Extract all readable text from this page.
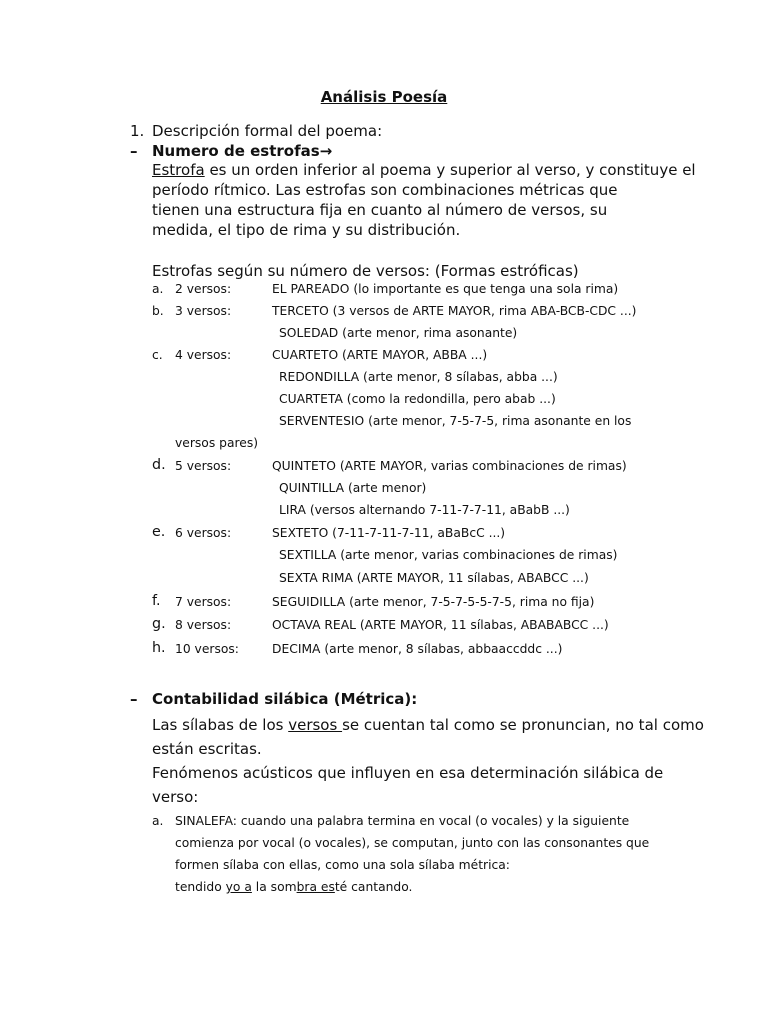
Análisis Poesía
1. Descripción formal del poema:
– Numero de estrofas→
Estrofa es un orden inferior al poema y superior al verso, y constituye el
período rítmico. Las estrofas son combinaciones métricas que
tienen una estructura fija en cuanto al número de versos, su
medida, el tipo de rima y su distribución.
Estrofas según su número de versos: (Formas estróficas)
a. 2 versos:	EL PAREADO (lo importante es que tenga una sola rima)
b. 3 versos:	TERCETO (3 versos de ARTE MAYOR, rima ABA-BCB-CDC ...)
SOLEDAD (arte menor, rima asonante)
c. 4 versos:	CUARTETO (ARTE MAYOR, ABBA ...)
REDONDILLA (arte menor, 8 sílabas, abba ...)
CUARTETA (como la redondilla, pero abab ...)
SERVENTESIO (arte menor, 7-5-7-5, rima asonante en los
versos pares)
d. 5 versos:	QUINTETO (ARTE MAYOR, varias combinaciones de rimas)
QUINTILLA (arte menor)
LIRA (versos alternando 7-11-7-7-11, aBabB ...)
e. 6 versos:	SEXTETO (7-11-7-11-7-11, aBaBcC ...)
SEXTILLA (arte menor, varias combinaciones de rimas)
SEXTA RIMA (ARTE MAYOR, 11 sílabas, ABABCC ...)
f. 7 versos:	SEGUIDILLA (arte menor, 7-5-7-5-5-7-5, rima no fija)
g. 8 versos:	OCTAVA REAL (ARTE MAYOR, 11 sílabas, ABABABCC ...)
h. 10 versos:	DECIMA (arte menor, 8 sílabas, abbaaccddc ...)
– Contabilidad silábica (Métrica):
Las sílabas de los versos se cuentan tal como se pronuncian, no tal como
están escritas.
Fenómenos acústicos que influyen en esa determinación silábica de
verso:
a. SINALEFA: cuando una palabra termina en vocal (o vocales) y la siguiente
comienza por vocal (o vocales), se computan, junto con las consonantes que
formen sílaba con ellas, como una sola sílaba métrica:
tendido yo a la sombra esté cantando.
